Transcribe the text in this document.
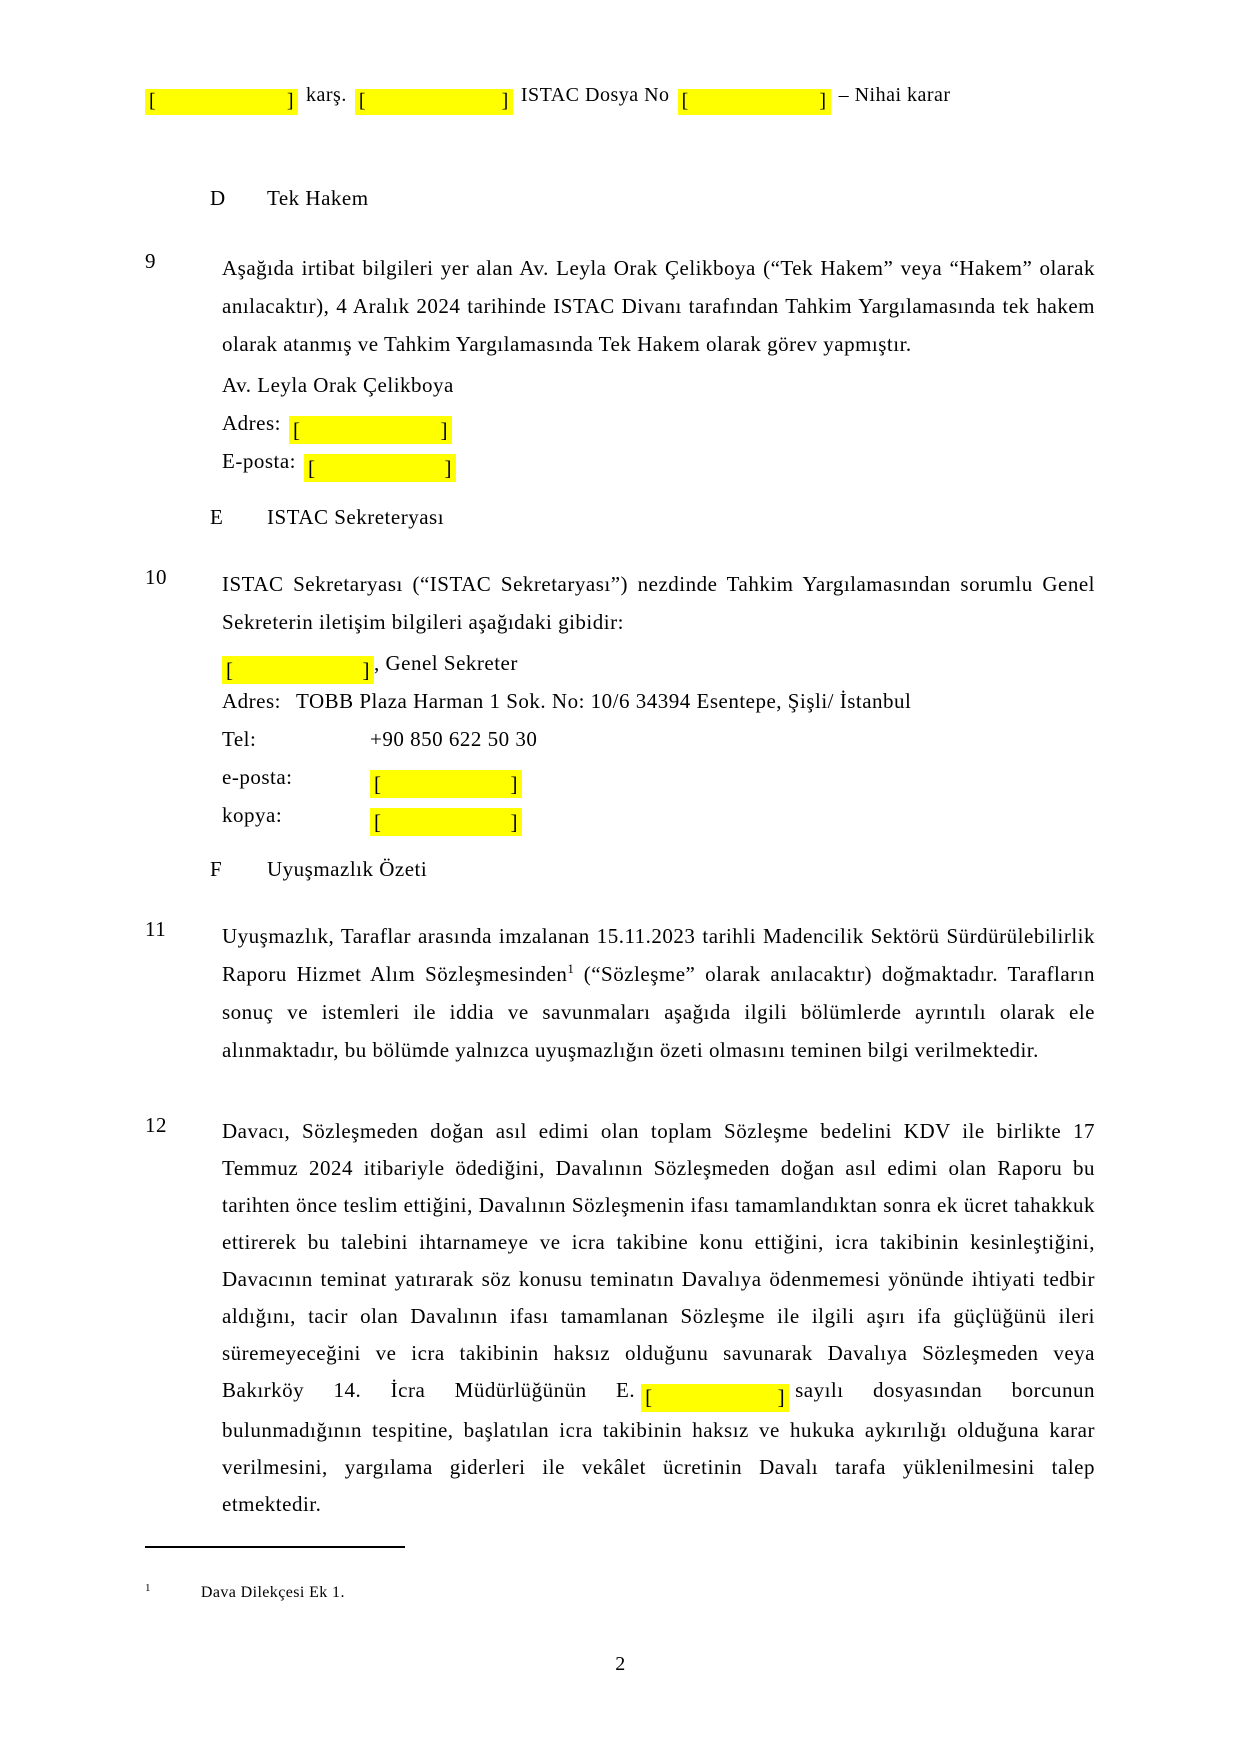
[	] karş. [	] ISTAC Dosya No [	] – Nihai karar
D Tek Hakem
9	Aşağıda irtibat bilgileri yer alan Av. Leyla Orak Çelikboya (“Tek Hakem” veya “Hakem” olarak anılacaktır), 4 Aralık 2024 tarihinde ISTAC Divanı tarafından Tahkim Yargılamasında tek hakem olarak atanmış ve Tahkim Yargılamasında Tek Hakem olarak görev yapmıştır.
Av. Leyla Orak Çelikboya
Adres: [	]
E-posta: [	]
E ISTAC Sekreteryası
10	ISTAC Sekretaryası (“ISTAC Sekretaryası”) nezdinde Tahkim Yargılamasından sorumlu Genel Sekreterin iletişim bilgileri aşağıdaki gibidir:
[	] , Genel Sekreter
Adres: TOBB Plaza Harman 1 Sok. No: 10/6 34394 Esentepe, Şişli/ İstanbul
Tel:	+90 850 622 50 30
e-posta:	[	]
kopya:	[	]
F Uyuşmazlık Özeti
11	Uyuşmazlık, Taraflar arasında imzalanan 15.11.2023 tarihli Madencilik Sektörü Sürdürülebilirlik Raporu Hizmet Alım Sözleşmesinden$^1$ (“Sözleşme” olarak anılacaktır) doğmaktadır. Tarafların sonuç ve istemleri ile iddia ve savunmaları aşağıda ilgili bölümlerde ayrıntılı olarak ele alınmaktadır, bu bölümde yalnızca uyuşmazlığın özeti olmasını teminen bilgi verilmektedir.
12	Davacı, Sözleşmeden doğan asıl edimi olan toplam Sözleşme bedelini KDV ile birlikte 17 Temmuz 2024 itibariyle ödediğini, Davalının Sözleşmeden doğan asıl edimi olan Raporu bu tarihten önce teslim ettiğini, Davalının Sözleşmenin ifası tamamlandıktan sonra ek ücret tahakkuk ettirerek bu talebini ihtarnameye ve icra takibine konu ettiğini, icra takibinin kesinleştiğini, Davacının teminat yatırarak söz konusu teminatın Davalıya ödenmemesi yönünde ihtiyati tedbir aldığını, tacir olan Davalının ifası tamamlanan Sözleşme ile ilgili aşırı ifa güçlüğünü ileri süremeyeceğini ve icra takibinin haksız olduğunu savunarak Davalıya Sözleşmeden veya Bakırköy 14. İcra Müdürlüğünün E. [	] sayılı dosyasından borcunun bulunmadığının tespitine, başlatılan icra takibinin haksız ve hukuka aykırılığı olduğuna karar verilmesini, yargılama giderleri ile vekâlet ücretinin Davalı tarafa yüklenilmesini talep etmektedir.
$^1$	Dava Dilekçesi Ek 1.
2
